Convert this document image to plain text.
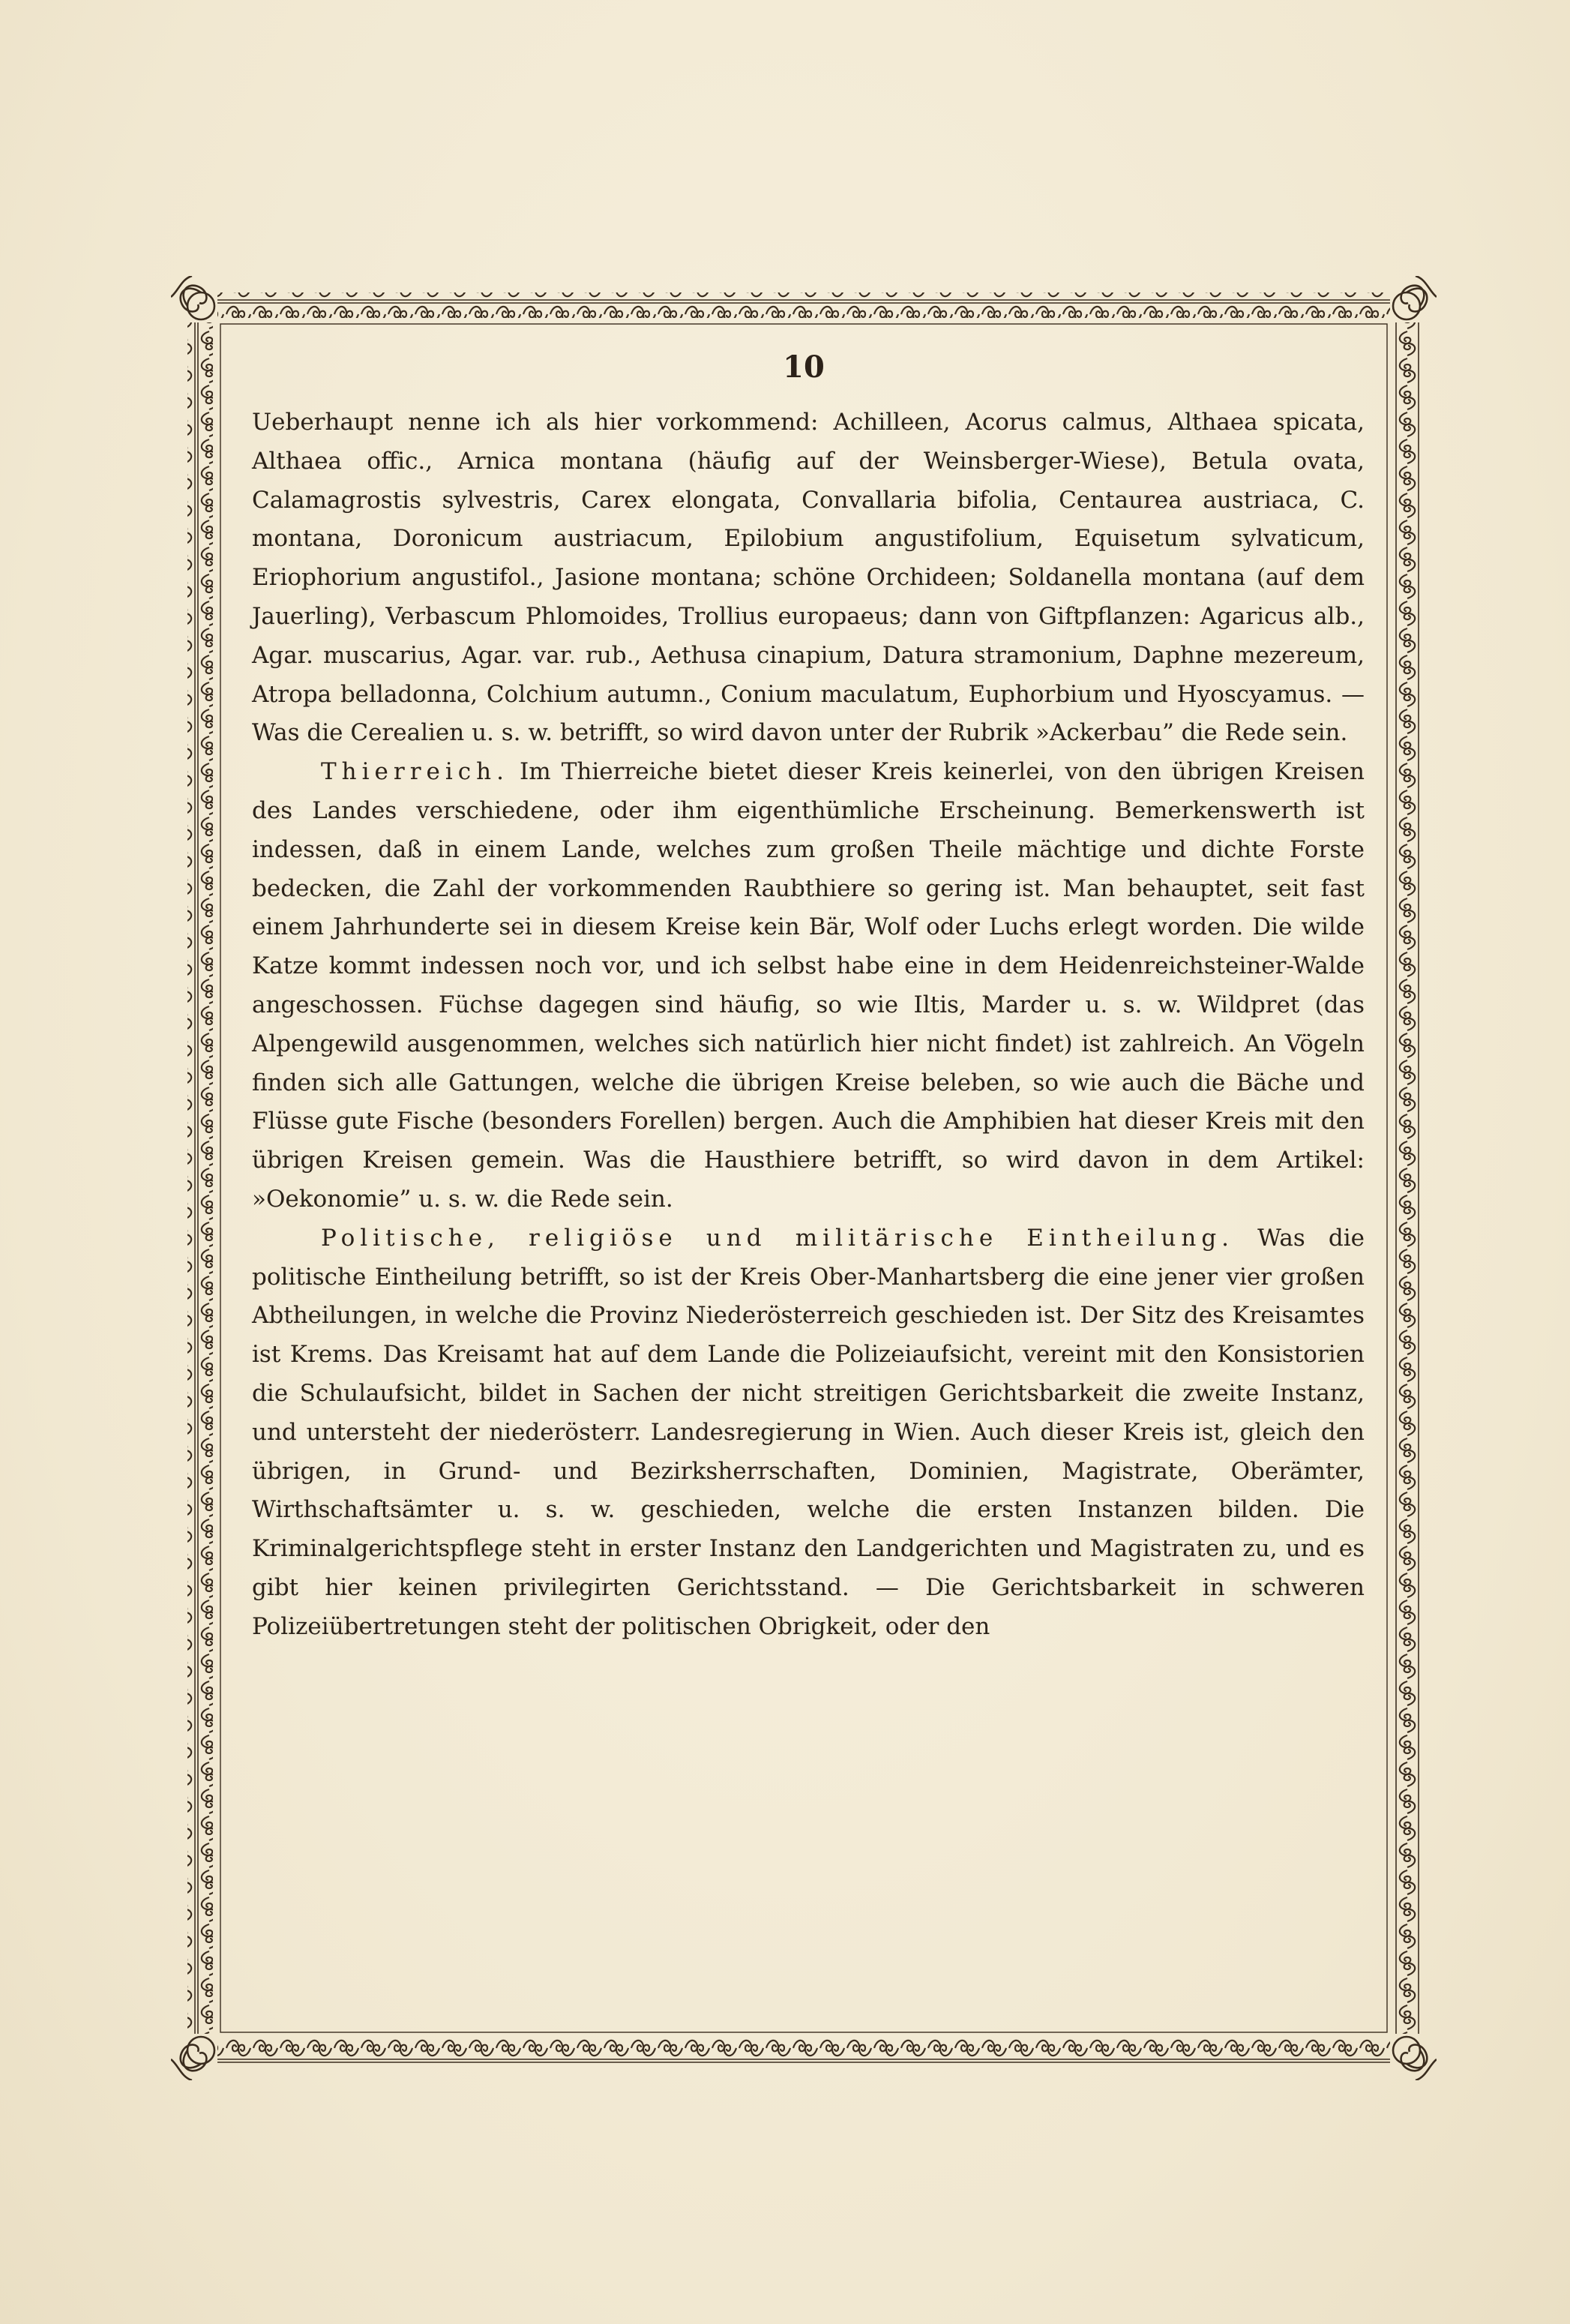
10

Ueberhaupt nenne ich als hier vorkommend: Achilleen, Acorus calmus, Althaea spicata, Althaea offic., Arnica montana (häufig auf der Weinsberger-Wiese), Betula ovata, Calamagrostis sylvestris, Carex elongata, Convallaria bifolia, Centaurea austriaca, C. montana, Doronicum austriacum, Epilobium angustifolium, Equisetum sylvaticum, Eriophorium angustifol., Jasione montana; schöne Orchideen; Soldanella montana (auf dem Jauerling), Verbascum Phlomoides, Trollius europaeus; dann von Giftpflanzen: Agaricus alb., Agar. muscarius, Agar. var. rub., Aethusa cinapium, Datura stramonium, Daphne mezereum, Atropa belladonna, Colchium autumn., Conium maculatum, Euphorbium und Hyoscyamus. — Was die Cerealien u. s. w. betrifft, so wird davon unter der Rubrik »Ackerbau” die Rede sein.

Thierreich. Im Thierreiche bietet dieser Kreis keinerlei, von den übrigen Kreisen des Landes verschiedene, oder ihm eigenthümliche Erscheinung. Bemerkenswerth ist indessen, daß in einem Lande, welches zum großen Theile mächtige und dichte Forste bedecken, die Zahl der vorkommenden Raubthiere so gering ist. Man behauptet, seit fast einem Jahrhunderte sei in diesem Kreise kein Bär, Wolf oder Luchs erlegt worden. Die wilde Katze kommt indessen noch vor, und ich selbst habe eine in dem Heidenreichsteiner-Walde angeschossen. Füchse dagegen sind häufig, so wie Iltis, Marder u. s. w. Wildpret (das Alpengewild ausgenommen, welches sich natürlich hier nicht findet) ist zahlreich. An Vögeln finden sich alle Gattungen, welche die übrigen Kreise beleben, so wie auch die Bäche und Flüsse gute Fische (besonders Forellen) bergen. Auch die Amphibien hat dieser Kreis mit den übrigen Kreisen gemein. Was die Hausthiere betrifft, so wird davon in dem Artikel: »Oekonomie” u. s. w. die Rede sein.

Politische, religiöse und militärische Eintheilung. Was die politische Eintheilung betrifft, so ist der Kreis Ober-Manhartsberg die eine jener vier großen Abtheilungen, in welche die Provinz Niederösterreich geschieden ist. Der Sitz des Kreisamtes ist Krems. Das Kreisamt hat auf dem Lande die Polizeiaufsicht, vereint mit den Konsistorien die Schulaufsicht, bildet in Sachen der nicht streitigen Gerichtsbarkeit die zweite Instanz, und untersteht der niederösterr. Landesregierung in Wien. Auch dieser Kreis ist, gleich den übrigen, in Grund- und Bezirksherrschaften, Dominien, Magistrate, Oberämter, Wirthschaftsämter u. s. w. geschieden, welche die ersten Instanzen bilden. Die Kriminalgerichtspflege steht in erster Instanz den Landgerichten und Magistraten zu, und es gibt hier keinen privilegirten Gerichtsstand. — Die Gerichtsbarkeit in schweren Polizeiübertretungen steht der politischen Obrigkeit, oder den
